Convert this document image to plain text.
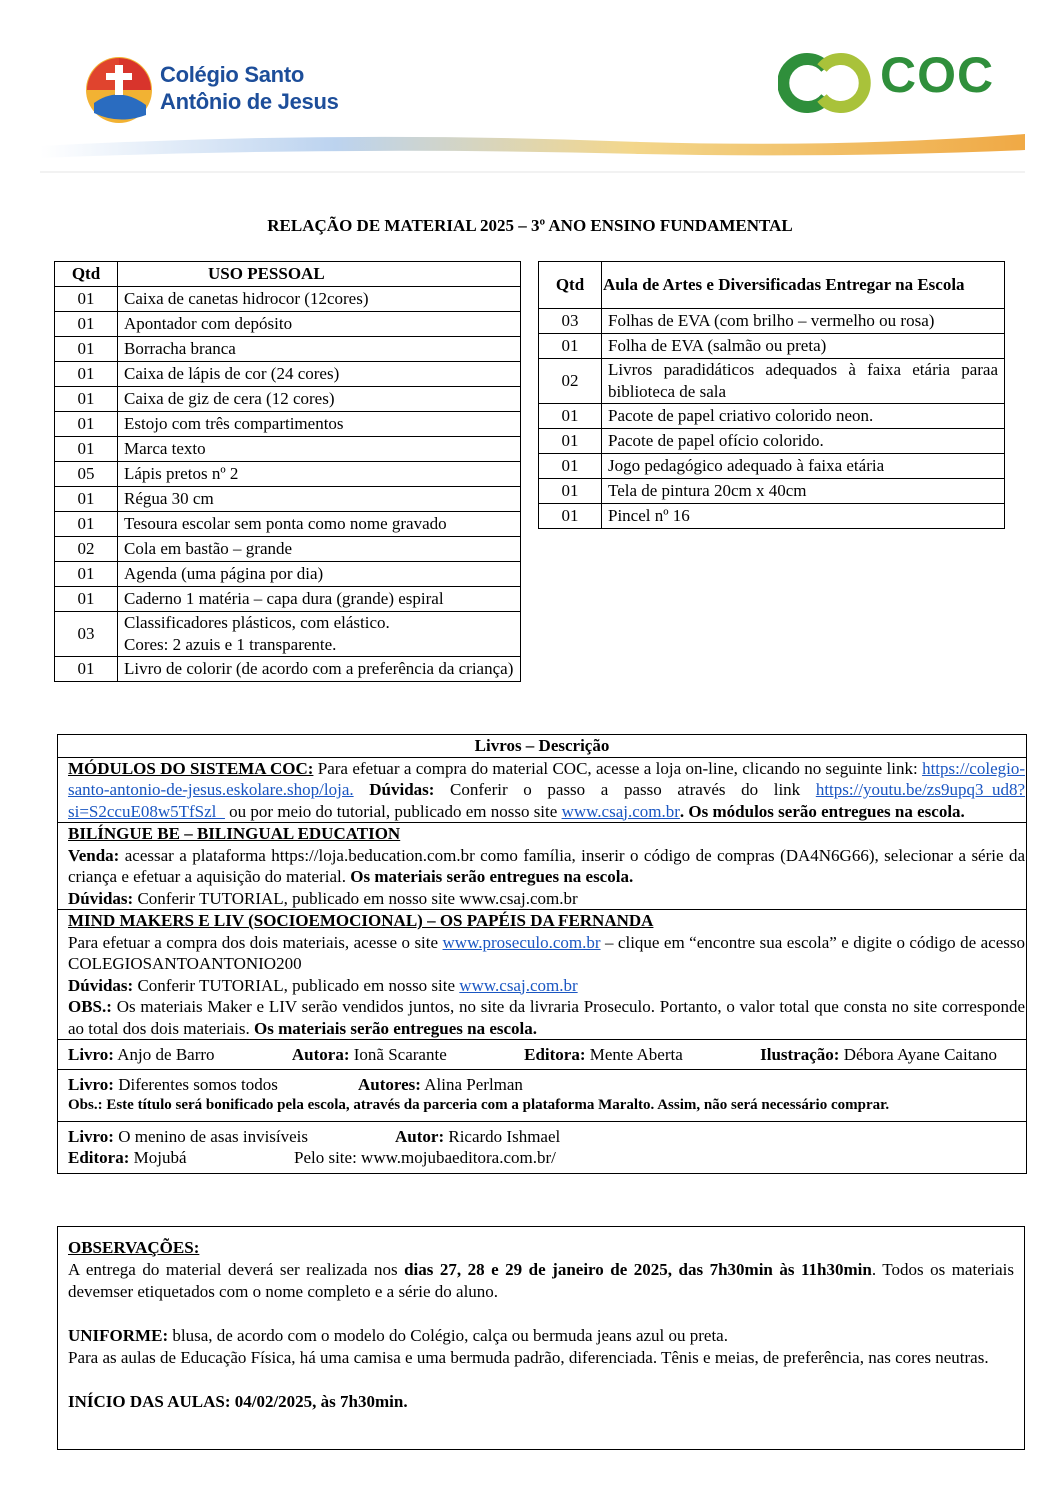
Colégio Santo
Antônio de Jesus	COC
RELAÇÃO DE MATERIAL 2025 – 3º ANO ENSINO FUNDAMENTAL
Qtd	USO PESSOAL
01	Caixa de canetas hidrocor (12cores)
01	Apontador com depósito
01	Borracha branca
01	Caixa de lápis de cor (24 cores)
01	Caixa de giz de cera (12 cores)
01	Estojo com três compartimentos
01	Marca texto
05	Lápis pretos nº 2
01	Régua 30 cm
01	Tesoura escolar sem ponta como nome gravado
02	Cola em bastão – grande
01	Agenda (uma página por dia)
01	Caderno 1 matéria – capa dura (grande) espiral
03	Classificadores plásticos, com elástico.
Cores: 2 azuis e 1 transparente.

01	Livro de colorir (de acordo com a preferência da criança)
Qtd	Aula de Artes e Diversificadas Entregar na Escola
03	Folhas de EVA (com brilho – vermelho ou rosa)
01	Folha de EVA (salmão ou preta)
02	Livros paradidáticos adequados à faixa etária paraa biblioteca de sala
01	Pacote de papel criativo colorido neon.
01	Pacote de papel ofício colorido.
01	Jogo pedagógico adequado à faixa etária
01	Tela de pintura 20cm x 40cm
01	Pincel nº 16
Livros – Descrição
MÓDULOS DO SISTEMA COC: Para efetuar a compra do material COC, acesse a loja on-line, clicando no seguinte link: https://colegio-santo-antonio-de-jesus.eskolare.shop/loja. Dúvidas: Conferir o passo a passo através do link https://youtu.be/zs9upq3_ud8?si=S2ccuE08w5TfSzl_ ou por meio do tutorial, publicado em nosso site www.csaj.com.br. Os módulos serão entregues na escola.
BILÍNGUE BE – BILINGUAL EDUCATION
Venda: acessar a plataforma https://loja.beducation.com.br como família, inserir o código de compras (DA4N6G66), selecionar a série da criança e efetuar a aquisição do material. Os materiais serão entregues na escola.
Dúvidas: Conferir TUTORIAL, publicado em nosso site www.csaj.com.br
MIND MAKERS E LIV (SOCIOEMOCIONAL) – OS PAPÉIS DA FERNANDA
Para efetuar a compra dos dois materiais, acesse o site www.proseculo.com.br – clique em “encontre sua escola” e digite o código de acesso COLEGIOSANTOANTONIO200
Dúvidas: Conferir TUTORIAL, publicado em nosso site www.csaj.com.br
OBS.: Os materiais Maker e LIV serão vendidos juntos, no site da livraria Proseculo. Portanto, o valor total que consta no site corresponde ao total dos dois materiais. Os materiais serão entregues na escola.
Livro: Anjo de Barro	Autora: Ionã Scarante	Editora: Mente Aberta	Ilustração: Débora Ayane Caitano
Livro: Diferentes somos todos	Autores: Alina Perlman
Obs.: Este título será bonificado pela escola, através da parceria com a plataforma Maralto. Assim, não será necessário comprar.
Livro: O menino de asas invisíveis	Autor: Ricardo Ishmael
Editora: Mojubá	Pelo site: www.mojubaeditora.com.br/
OBSERVAÇÕES:
A entrega do material deverá ser realizada nos dias 27, 28 e 29 de janeiro de 2025, das 7h30min às 11h30min. Todos os materiais devemser etiquetados com o nome completo e a série do aluno.
UNIFORME: blusa, de acordo com o modelo do Colégio, calça ou bermuda jeans azul ou preta.
Para as aulas de Educação Física, há uma camisa e uma bermuda padrão, diferenciada. Tênis e meias, de preferência, nas cores neutras.
INÍCIO DAS AULAS: 04/02/2025, às 7h30min.
